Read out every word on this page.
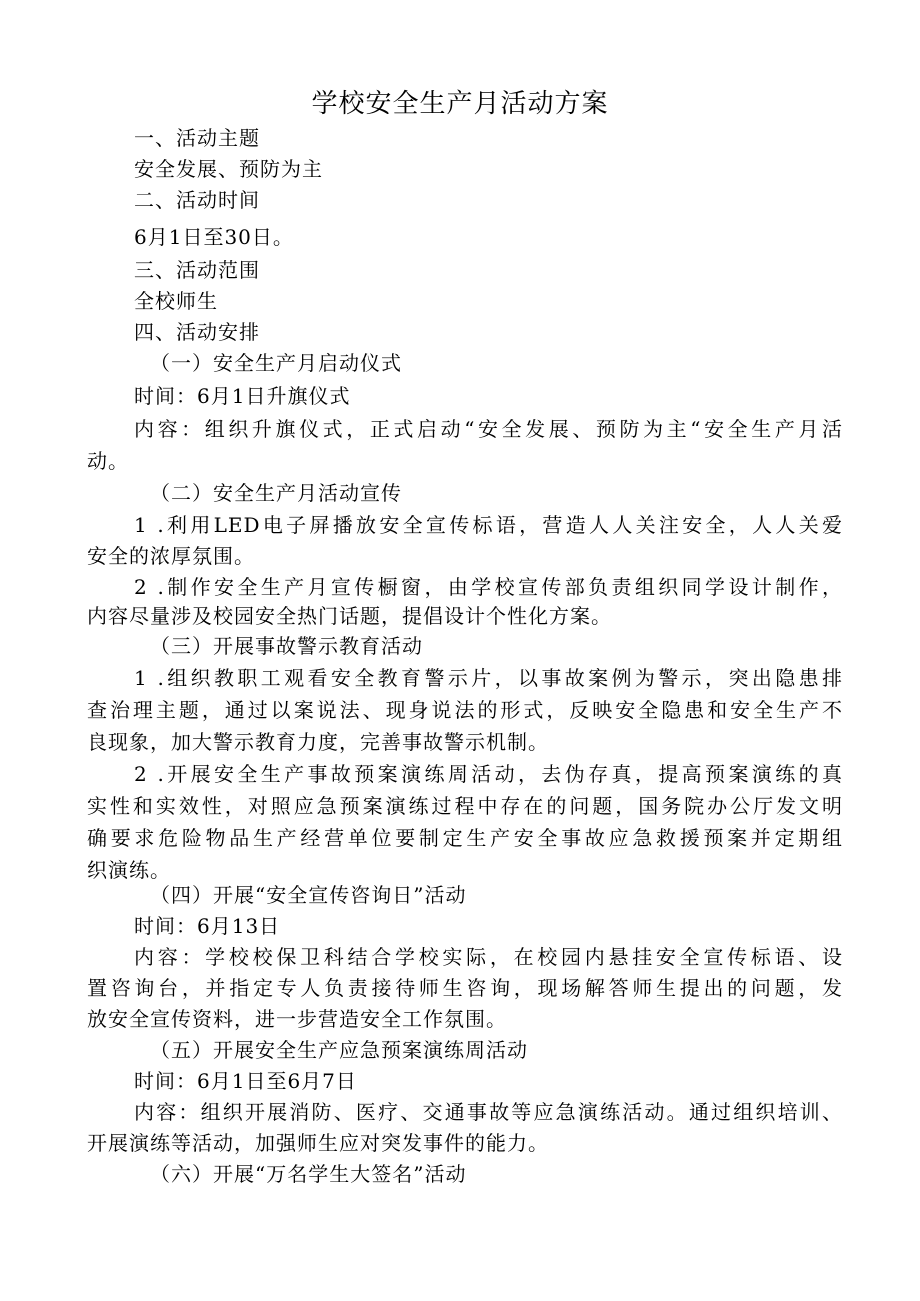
学校安全生产月活动方案
一、活动主题
安全发展、预防为主
二、活动时间
6月1日至30日。
三、活动范围
全校师生
四、活动安排
（一）安全生产月启动仪式
时间：6月1日升旗仪式
内容：组织升旗仪式，正式启动“安全发展、预防为主“安全生产月活
动。
（二）安全生产月活动宣传
1 .利用LED电子屏播放安全宣传标语，营造人人关注安全，人人关爱
安全的浓厚氛围。
2 .制作安全生产月宣传橱窗，由学校宣传部负责组织同学设计制作，
内容尽量涉及校园安全热门话题，提倡设计个性化方案。
（三）开展事故警示教育活动
1 .组织教职工观看安全教育警示片，以事故案例为警示，突出隐患排
查治理主题，通过以案说法、现身说法的形式，反映安全隐患和安全生产不
良现象，加大警示教育力度，完善事故警示机制。
2 .开展安全生产事故预案演练周活动，去伪存真，提高预案演练的真
实性和实效性，对照应急预案演练过程中存在的问题，国务院办公厅发文明
确要求危险物品生产经营单位要制定生产安全事故应急救援预案并定期组
织演练。
（四）开展“安全宣传咨询日”活动
时间：6月13日
内容：学校校保卫科结合学校实际，在校园内悬挂安全宣传标语、设
置咨询台，并指定专人负责接待师生咨询，现场解答师生提出的问题，发
放安全宣传资料，进一步营造安全工作氛围。
（五）开展安全生产应急预案演练周活动
时间：6月1日至6月7日
内容：组织开展消防、医疗、交通事故等应急演练活动。通过组织培训、
开展演练等活动，加强师生应对突发事件的能力。
（六）开展“万名学生大签名”活动
